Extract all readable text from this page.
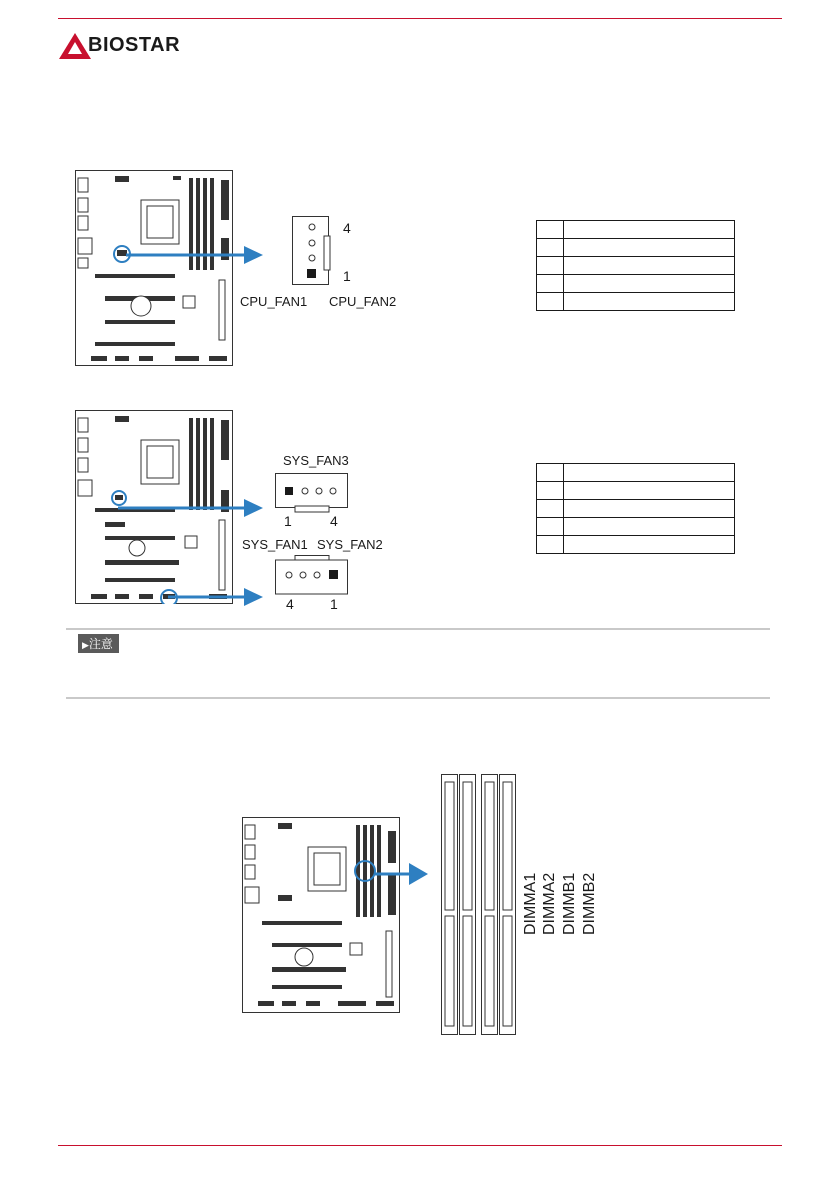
BIOSTAR
4
1
CPU_FAN1 CPU_FAN2

SYS_FAN3
1	4
SYS_FAN1 SYS_FAN2
4	1

▶注意
DIMMA1 DIMMA2 DIMMB1 DIMMB2
